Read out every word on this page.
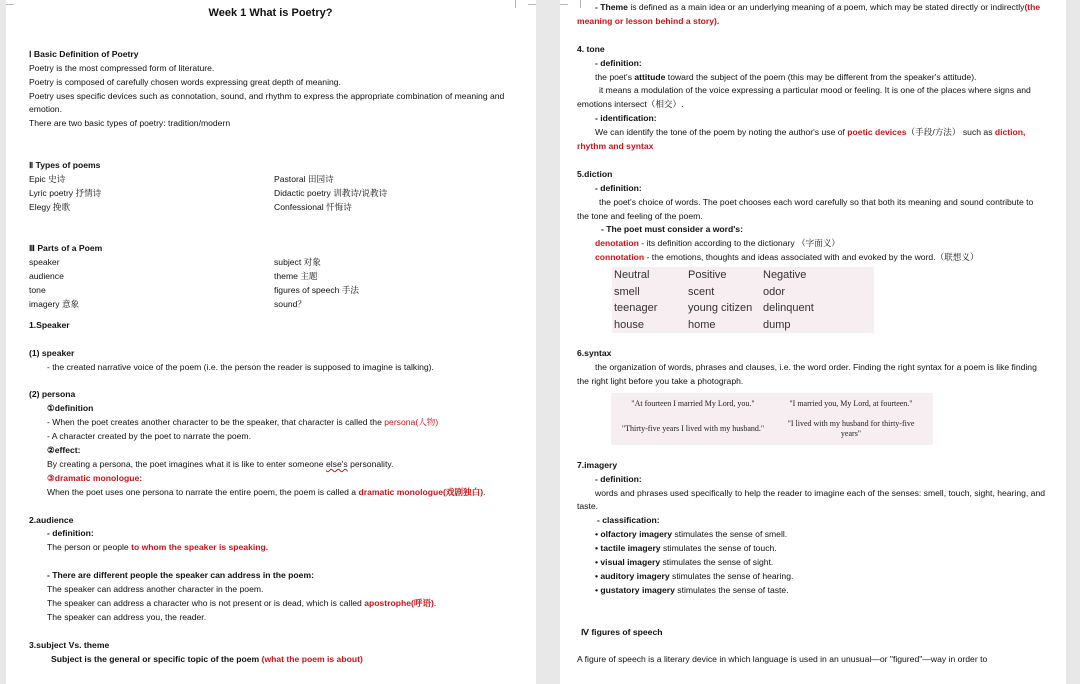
Week 1 What is Poetry?
Ⅰ Basic Definition of Poetry
Poetry is the most compressed form of literature.
Poetry is composed of carefully chosen words expressing great depth of meaning.
Poetry uses specific devices such as connotation, sound, and rhythm to express the appropriate combination of meaning and emotion.
There are two basic types of poetry: tradition/modern
Ⅱ Types of poems
Epic 史诗	Pastoral 田园诗
Lyric poetry 抒情诗	Didactic poetry 训教诗/说教诗
Elegy 挽歌	Confessional 忏悔诗
Ⅲ Parts of a Poem
speaker	subject 对象
audience	theme 主题
tone	figures of speech 手法
imagery 意象	sound？
1.Speaker
(1) speaker
- the created narrative voice of the poem (i.e. the person the reader is supposed to imagine is talking).
(2) persona
①definition
- When the poet creates another character to be the speaker, that character is called the persona(人物)
- A character created by the poet to narrate the poem.
②effect:
By creating a persona, the poet imagines what it is like to enter someone else's personality.
③dramatic monologue:
When the poet uses one persona to narrate the entire poem, the poem is called a dramatic monologue(戏剧独白).
2.audience
- definition:
The person or people to whom the speaker is speaking.
- There are different people the speaker can address in the poem:
The speaker can address another character in the poem.
The speaker can address a character who is not present or is dead, which is called apostrophe(呼语).
The speaker can address you, the reader.
3.subject Vs. theme
Subject is the general or specific topic of the poem (what the poem is about)
- Theme is defined as a main idea or an underlying meaning of a poem, which may be stated directly or indirectly(the meaning or lesson behind a story).
4. tone
- definition:
the poet's attitude toward the subject of the poem (this may be different from the speaker's attitude).
it means a modulation of the voice expressing a particular mood or feeling. It is one of the places where signs and emotions intersect（相交）.
- identification:
We can identify the tone of the poem by noting the author's use of poetic devices（手段/方法） such as diction, rhythm and syntax
5.diction
- definition:
the poet's choice of words. The poet chooses each word carefully so that both its meaning and sound contribute to the tone and feeling of the poem.
- The poet must consider a word's:
denotation - its definition according to the dictionary （字面义）
connotation - the emotions, thoughts and ideas associated with and evoked by the word.（联想义）
Neutral	Positive	Negative
smell	scent	odor
teenager	young citizen	delinquent
house	home	dump
6.syntax
the organization of words, phrases and clauses, i.e. the word order. Finding the right syntax for a poem is like finding the right light before you take a photograph.
"At fourteen I married My Lord, you."	"I married you, My Lord, at fourteen."
"Thirty-five years I lived with my husband."	"I lived with my husband for thirty-five years"
7.imagery
- definition:
words and phrases used specifically to help the reader to imagine each of the senses: smell, touch, sight, hearing, and taste.
- classification:
• olfactory imagery stimulates the sense of smell.
• tactile imagery stimulates the sense of touch.
• visual imagery stimulates the sense of sight.
• auditory imagery stimulates the sense of hearing.
• gustatory imagery stimulates the sense of taste.
Ⅳ figures of speech
A figure of speech is a literary device in which language is used in an unusual—or "figured"—way in order to
